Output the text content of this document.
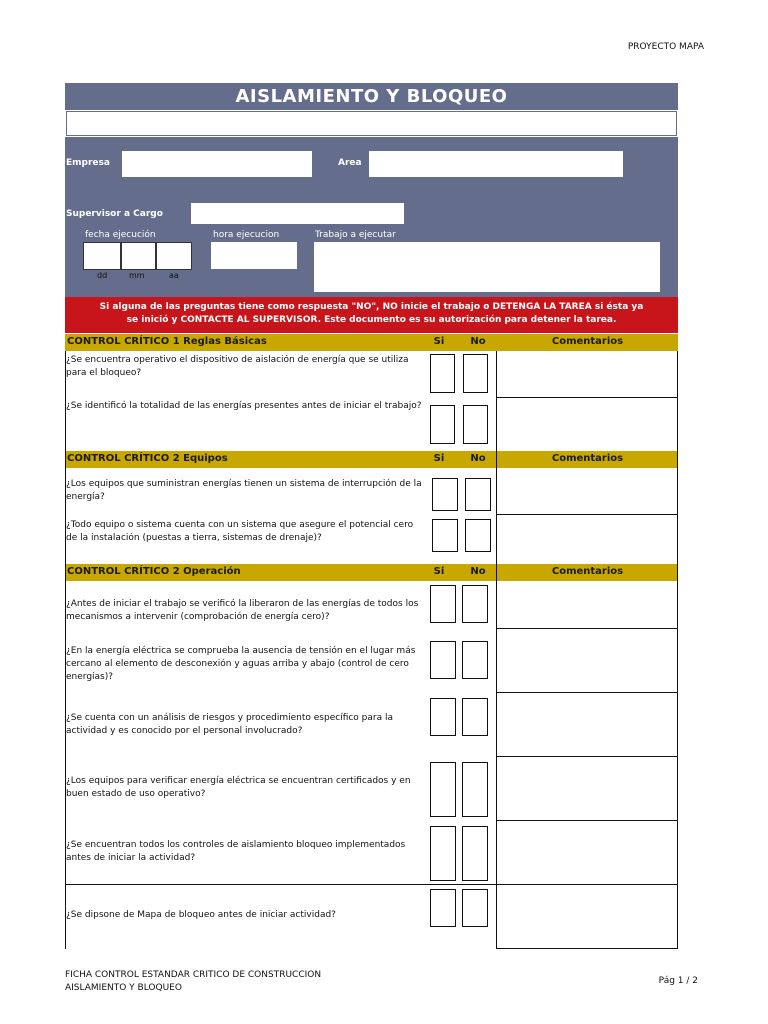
PROYECTO MAPA
AISLAMIENTO Y BLOQUEO
Empresa	Area
Supervisor a Cargo
fecha ejecución	hora ejecucion	Trabajo a ejecutar
dd	mm	aa
Si alguna de las preguntas tiene como respuesta "NO", NO inicie el trabajo o DETENGA LA TAREA si ésta ya
se inició y CONTACTE AL SUPERVISOR. Este documento es su autorización para detener la tarea.
CONTROL CRÍTICO 1 Reglas Básicas	Si	No	Comentarios
¿Se encuentra operativo el dispositivo de aislación de energía que se utiliza para el bloqueo?
¿Se identificó la totalidad de las energías presentes antes de iniciar el trabajo?
CONTROL CRÍTICO 2 Equipos	Si	No	Comentarios
¿Los equipos que suministran energías tienen un sistema de interrupción de la energía?
¿Todo equipo o sistema cuenta con un sistema que asegure el potencial cero de la instalación (puestas a tierra, sistemas de drenaje)?
CONTROL CRÍTICO 2 Operación	Si	No	Comentarios
¿Antes de iniciar el trabajo se verificó la liberaron de las energías de todos los mecanismos a intervenir (comprobación de energía cero)?
¿En la energía eléctrica se comprueba la ausencia de tensión en el lugar más cercano al elemento de desconexión y aguas arriba y abajo (control de cero energías)?
¿Se cuenta con un análisis de riesgos y procedimiento específico para la actividad y es conocido por el personal involucrado?
¿Los equipos para verificar energía eléctrica se encuentran certificados y en buen estado de uso operativo?
¿Se encuentran todos los controles de aislamiento bloqueo implementados antes de iniciar la actividad?
¿Se dipsone de Mapa de bloqueo antes de iniciar actividad?
FICHA CONTROL ESTANDAR CRITICO DE CONSTRUCCION
AISLAMIENTO Y BLOQUEO
Pág 1 / 2
